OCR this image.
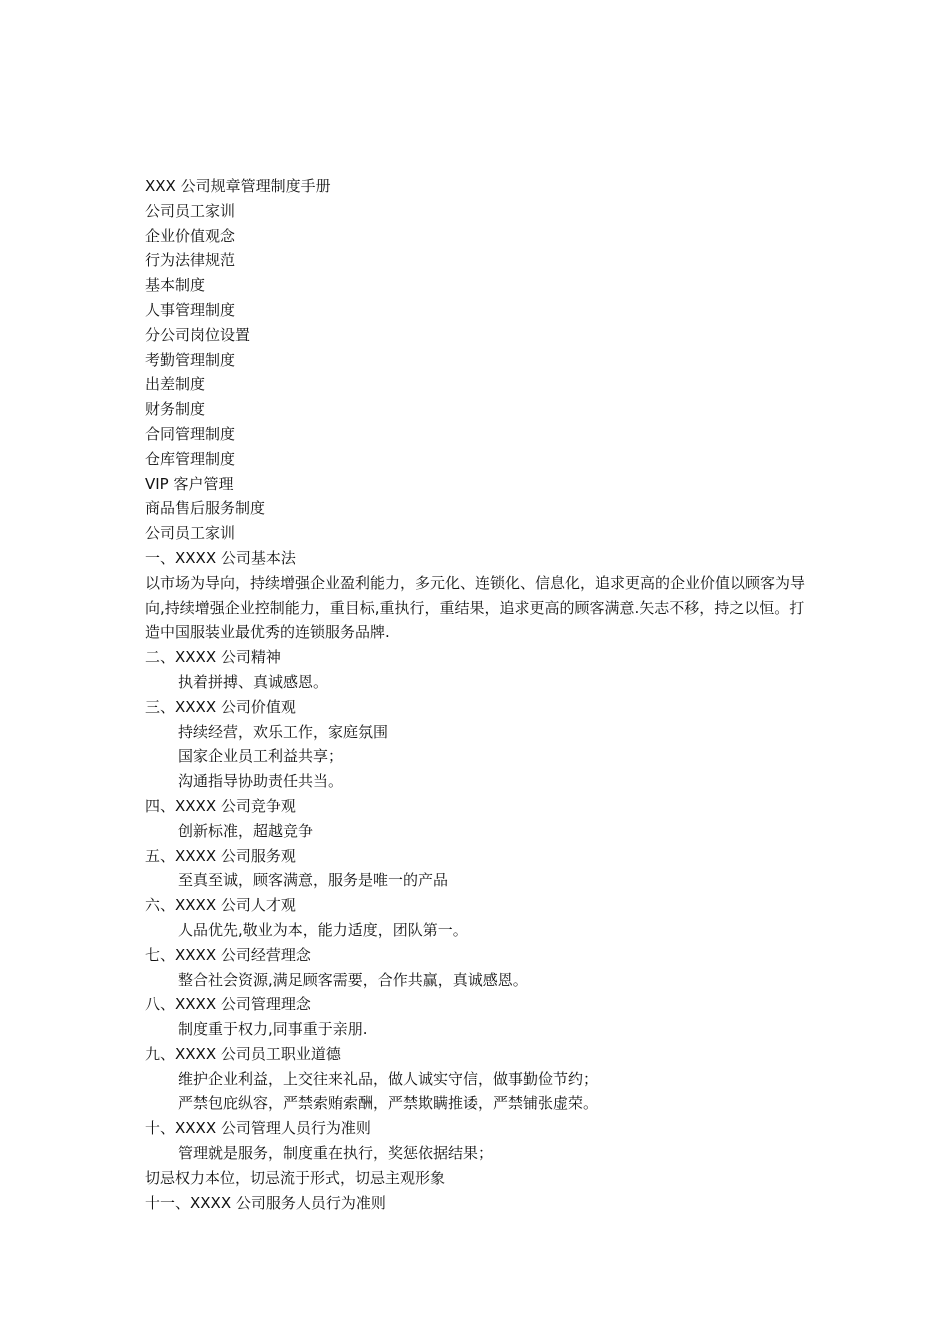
XXX 公司规章管理制度手册
公司员工家训
企业价值观念
行为法律规范
基本制度
人事管理制度
分公司岗位设置
考勤管理制度
出差制度
财务制度
合同管理制度
仓库管理制度
VIP 客户管理
商品售后服务制度
公司员工家训
一、XXXX 公司基本法
以市场为导向，持续增强企业盈利能力，多元化、连锁化、信息化，追求更高的企业价值以顾客为导向,持续增强企业控制能力，重目标,重执行，重结果，追求更高的顾客满意.矢志不移，持之以恒。打造中国服装业最优秀的连锁服务品牌.
二、XXXX 公司精神
执着拼搏、真诚感恩。
三、XXXX 公司价值观
持续经营，欢乐工作，家庭氛围
国家企业员工利益共享；
沟通指导协助责任共当。
四、XXXX 公司竞争观
创新标准，超越竞争
五、XXXX 公司服务观
至真至诚，顾客满意，服务是唯一的产品
六、XXXX 公司人才观
人品优先,敬业为本，能力适度，团队第一。
七、XXXX 公司经营理念
整合社会资源,满足顾客需要，合作共赢，真诚感恩。
八、XXXX 公司管理理念
制度重于权力,同事重于亲朋.
九、XXXX 公司员工职业道德
维护企业利益，上交往来礼品，做人诚实守信，做事勤俭节约；
严禁包庇纵容，严禁索贿索酬，严禁欺瞒推诿，严禁铺张虚荣。
十、XXXX 公司管理人员行为准则
管理就是服务，制度重在执行，奖惩依据结果；
切忌权力本位，切忌流于形式，切忌主观形象
十一、XXXX 公司服务人员行为准则
